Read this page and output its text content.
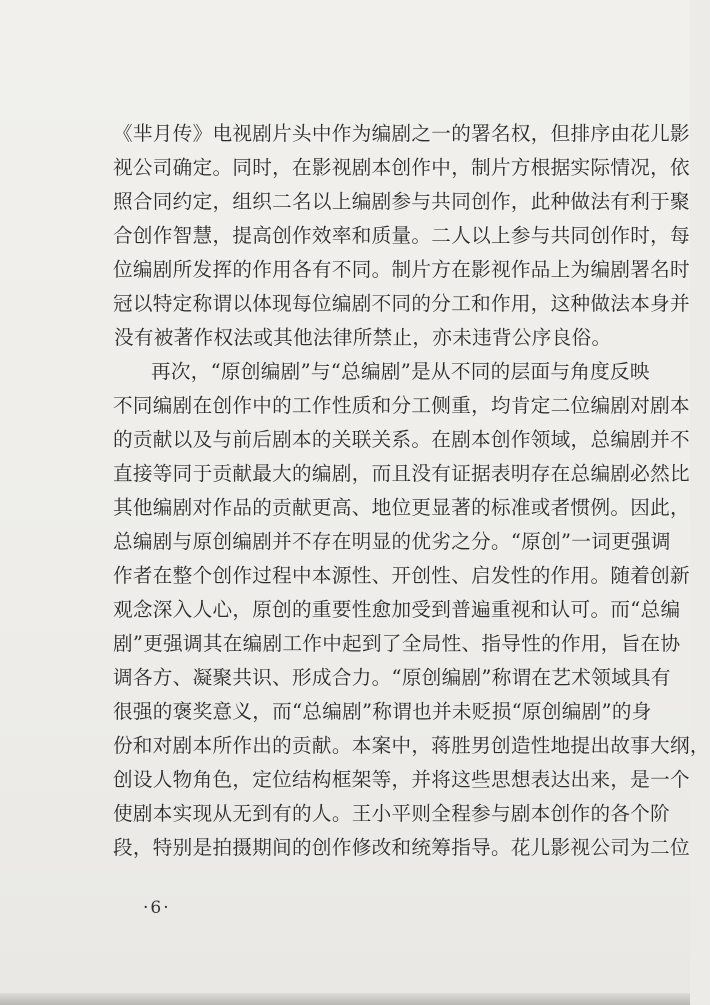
《芈月传》电视剧片头中作为编剧之一的署名权，但排序由花儿影
视公司确定。同时，在影视剧本创作中，制片方根据实际情况，依
照合同约定，组织二名以上编剧参与共同创作，此种做法有利于聚
合创作智慧，提高创作效率和质量。二人以上参与共同创作时，每
位编剧所发挥的作用各有不同。制片方在影视作品上为编剧署名时
冠以特定称谓以体现每位编剧不同的分工和作用，这种做法本身并
没有被著作权法或其他法律所禁止，亦未违背公序良俗。
再次，“原创编剧”与“总编剧”是从不同的层面与角度反映
不同编剧在创作中的工作性质和分工侧重，均肯定二位编剧对剧本
的贡献以及与前后剧本的关联关系。在剧本创作领域，总编剧并不
直接等同于贡献最大的编剧，而且没有证据表明存在总编剧必然比
其他编剧对作品的贡献更高、地位更显著的标准或者惯例。因此，
总编剧与原创编剧并不存在明显的优劣之分。“原创”一词更强调
作者在整个创作过程中本源性、开创性、启发性的作用。随着创新
观念深入人心，原创的重要性愈加受到普遍重视和认可。而“总编
剧”更强调其在编剧工作中起到了全局性、指导性的作用，旨在协
调各方、凝聚共识、形成合力。“原创编剧”称谓在艺术领域具有
很强的褒奖意义，而“总编剧”称谓也并未贬损“原创编剧”的身
份和对剧本所作出的贡献。本案中，蒋胜男创造性地提出故事大纲，
创设人物角色，定位结构框架等，并将这些思想表达出来，是一个
使剧本实现从无到有的人。王小平则全程参与剧本创作的各个阶
段，特别是拍摄期间的创作修改和统筹指导。花儿影视公司为二位
·6·
